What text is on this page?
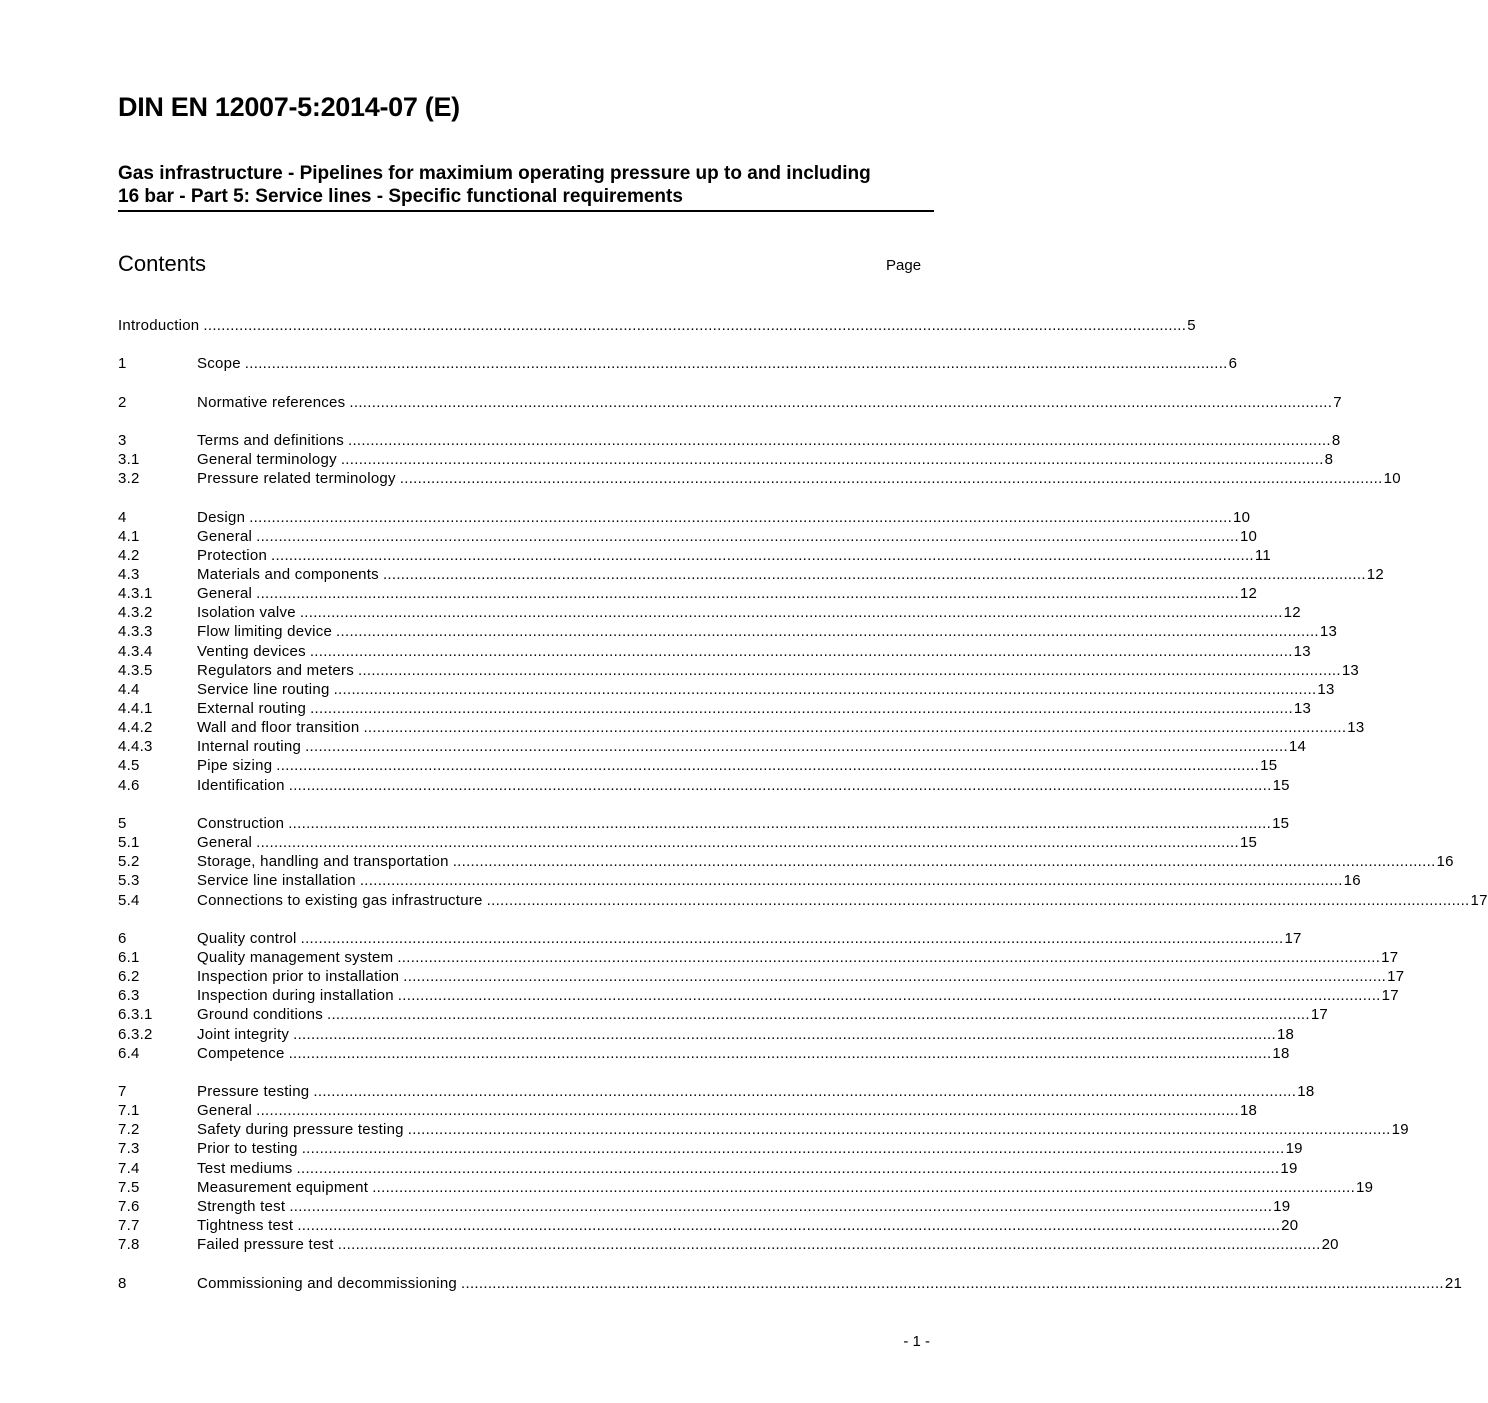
DIN EN 12007-5:2014-07 (E)
Gas infrastructure - Pipelines for maximium operating pressure up to and including
16 bar - Part 5: Service lines - Specific functional requirements
Contents	Page
Introduction ............................................................................................................................................................................................................................ 5
1	Scope ............................................................................................................................................................................................................................ 6
2	Normative references ............................................................................................................................................................................................................................ 7
3	Terms and definitions ............................................................................................................................................................................................................................ 8
3.1	General terminology ............................................................................................................................................................................................................................ 8
3.2	Pressure related terminology ............................................................................................................................................................................................................................ 10
4	Design ............................................................................................................................................................................................................................ 10
4.1	General ............................................................................................................................................................................................................................ 10
4.2	Protection ............................................................................................................................................................................................................................ 11
4.3	Materials and components ............................................................................................................................................................................................................................ 12
4.3.1	General ............................................................................................................................................................................................................................ 12
4.3.2	Isolation valve ............................................................................................................................................................................................................................ 12
4.3.3	Flow limiting device ............................................................................................................................................................................................................................ 13
4.3.4	Venting devices ............................................................................................................................................................................................................................ 13
4.3.5	Regulators and meters ............................................................................................................................................................................................................................ 13
4.4	Service line routing ............................................................................................................................................................................................................................ 13
4.4.1	External routing ............................................................................................................................................................................................................................ 13
4.4.2	Wall and floor transition ............................................................................................................................................................................................................................ 13
4.4.3	Internal routing ............................................................................................................................................................................................................................ 14
4.5	Pipe sizing ............................................................................................................................................................................................................................ 15
4.6	Identification ............................................................................................................................................................................................................................ 15
5	Construction ............................................................................................................................................................................................................................ 15
5.1	General ............................................................................................................................................................................................................................ 15
5.2	Storage, handling and transportation ............................................................................................................................................................................................................................ 16
5.3	Service line installation ............................................................................................................................................................................................................................ 16
5.4	Connections to existing gas infrastructure ............................................................................................................................................................................................................................ 17
6	Quality control ............................................................................................................................................................................................................................ 17
6.1	Quality management system ............................................................................................................................................................................................................................ 17
6.2	Inspection prior to installation ............................................................................................................................................................................................................................ 17
6.3	Inspection during installation ............................................................................................................................................................................................................................ 17
6.3.1	Ground conditions ............................................................................................................................................................................................................................ 17
6.3.2	Joint integrity ............................................................................................................................................................................................................................ 18
6.4	Competence ............................................................................................................................................................................................................................ 18
7	Pressure testing ............................................................................................................................................................................................................................ 18
7.1	General ............................................................................................................................................................................................................................ 18
7.2	Safety during pressure testing ............................................................................................................................................................................................................................ 19
7.3	Prior to testing ............................................................................................................................................................................................................................ 19
7.4	Test mediums ............................................................................................................................................................................................................................ 19
7.5	Measurement equipment ............................................................................................................................................................................................................................ 19
7.6	Strength test ............................................................................................................................................................................................................................ 19
7.7	Tightness test ............................................................................................................................................................................................................................ 20
7.8	Failed pressure test ............................................................................................................................................................................................................................ 20
8	Commissioning and decommissioning ............................................................................................................................................................................................................................ 21
- 1 -
